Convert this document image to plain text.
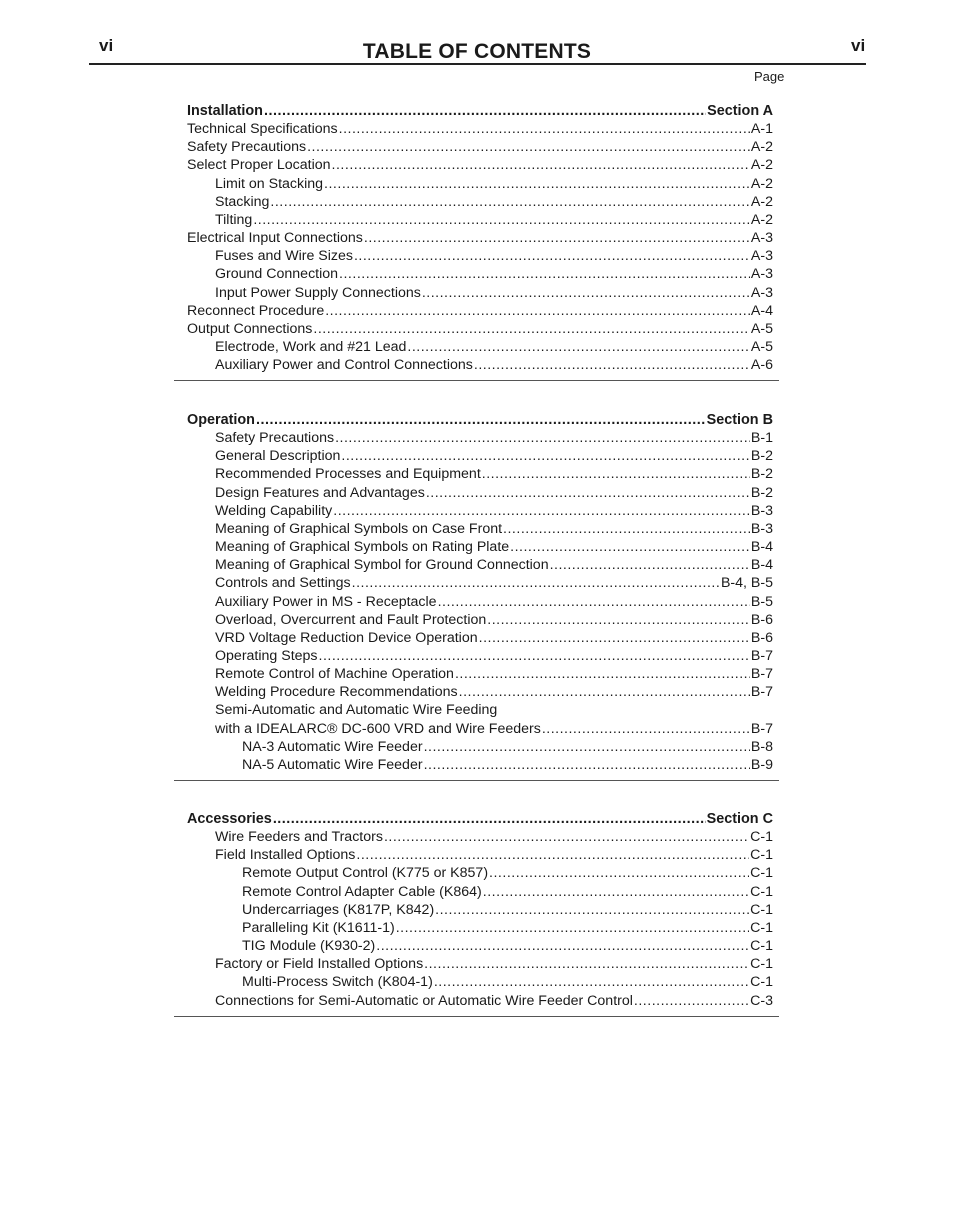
vi	TABLE OF CONTENTS	vi
Page
Installation .....	Section A
Technical Specifications .....	A-1
Safety Precautions .....	A-2
Select Proper Location .....	A-2
Limit on Stacking .....	A-2
Stacking .....	A-2
Tilting .....	A-2
Electrical Input Connections .....	A-3
Fuses and Wire Sizes .....	A-3
Ground Connection .....	A-3
Input Power Supply Connections .....	A-3
Reconnect Procedure .....	A-4
Output Connections .....	A-5
Electrode, Work and #21 Lead .....	A-5
Auxiliary Power and Control Connections .....	A-6
Operation .....	Section B
Safety Precautions .....	B-1
General Description .....	B-2
Recommended Processes and Equipment .....	B-2
Design Features and Advantages .....	B-2
Welding Capability .....	B-3
Meaning of Graphical Symbols on Case Front .....	B-3
Meaning of Graphical Symbols on Rating Plate .....	B-4
Meaning of Graphical Symbol for Ground Connection .....	B-4
Controls and Settings .....	B-4, B-5
Auxiliary Power in MS - Receptacle .....	B-5
Overload, Overcurrent and Fault Protection .....	B-6
VRD Voltage Reduction Device Operation .....	B-6
Operating Steps .....	B-7
Remote Control of Machine Operation .....	B-7
Welding Procedure Recommendations .....	B-7
Semi-Automatic and Automatic Wire Feeding
with a IDEALARC® DC-600 VRD and Wire Feeders .....	B-7
NA-3 Automatic Wire Feeder .....	B-8
NA-5 Automatic Wire Feeder .....	B-9
Accessories .....	Section C
Wire Feeders and Tractors .....	C-1
Field Installed Options .....	C-1
Remote Output Control (K775 or K857) .....	C-1
Remote Control Adapter Cable (K864) .....	C-1
Undercarriages (K817P, K842) .....	C-1
Paralleling Kit (K1611-1) .....	C-1
TIG Module (K930-2) .....	C-1
Factory or Field Installed Options .....	C-1
Multi-Process Switch (K804-1) .....	C-1
Connections for Semi-Automatic or Automatic Wire Feeder Control .....	C-3
